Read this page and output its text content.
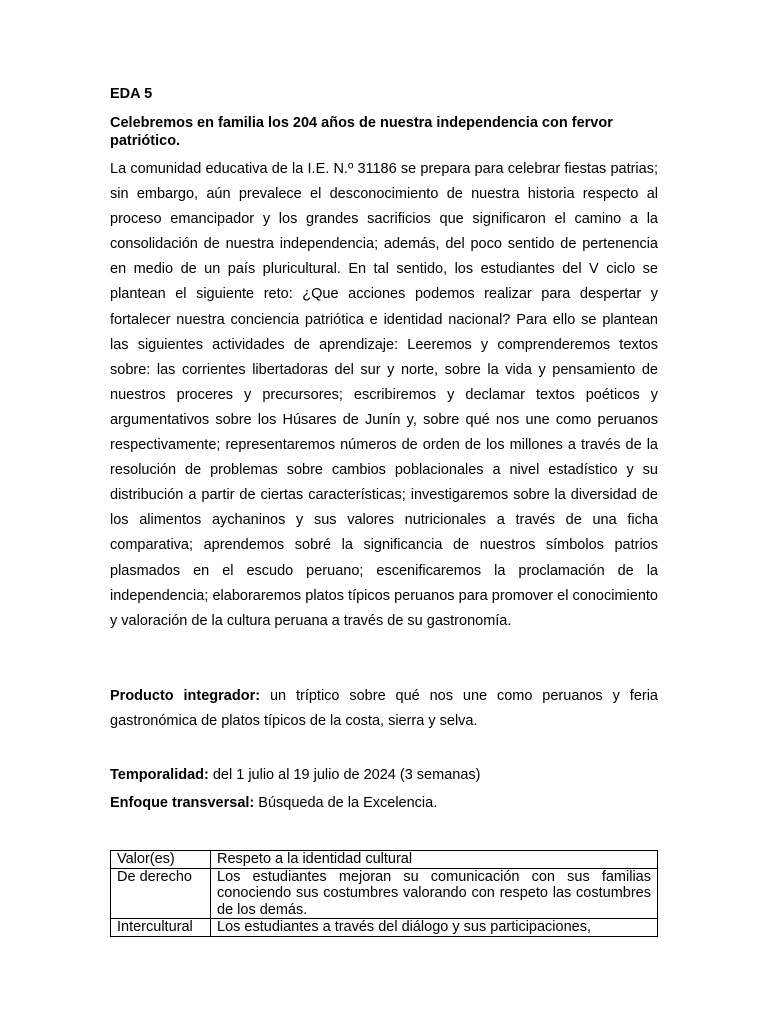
EDA 5

Celebremos en familia los 204 años de nuestra independencia con fervor patriótico.

La comunidad educativa de la I.E. N.º 31186 se prepara para celebrar fiestas patrias; sin embargo, aún prevalece el desconocimiento de nuestra historia respecto al proceso emancipador y los grandes sacrificios que significaron el camino a la consolidación de nuestra independencia; además, del poco sentido de pertenencia en medio de un país pluricultural. En tal sentido, los estudiantes del V ciclo se plantean el siguiente reto: ¿Que acciones podemos realizar para despertar y fortalecer nuestra conciencia patriótica e identidad nacional? Para ello se plantean las siguientes actividades de aprendizaje: Leeremos y comprenderemos textos sobre: las corrientes libertadoras del sur y norte, sobre la vida y pensamiento de nuestros proceres y precursores; escribiremos y declamar textos poéticos y argumentativos sobre los Húsares de Junín y, sobre qué nos une como peruanos respectivamente; representaremos números de orden de los millones a través de la resolución de problemas sobre cambios poblacionales a nivel estadístico y su distribución a partir de ciertas características; investigaremos sobre la diversidad de los alimentos aychaninos y sus valores nutricionales a través de una ficha comparativa; aprendemos sobré la significancia de nuestros símbolos patrios plasmados en el escudo peruano; escenificaremos la proclamación de la independencia; elaboraremos platos típicos peruanos para promover el conocimiento y valoración de la cultura peruana a través de su gastronomía.

Producto integrador: un tríptico sobre qué nos une como peruanos y feria gastronómica de platos típicos de la costa, sierra y selva.

Temporalidad: del 1 julio al 19 julio de 2024 (3 semanas)

Enfoque transversal: Búsqueda de la Excelencia.

Valor(es)	Respeto a la identidad cultural
De derecho	Los estudiantes mejoran su comunicación con sus familias conociendo sus costumbres valorando con respeto las costumbres de los demás.
Intercultural	Los estudiantes a través del diálogo y sus participaciones,
